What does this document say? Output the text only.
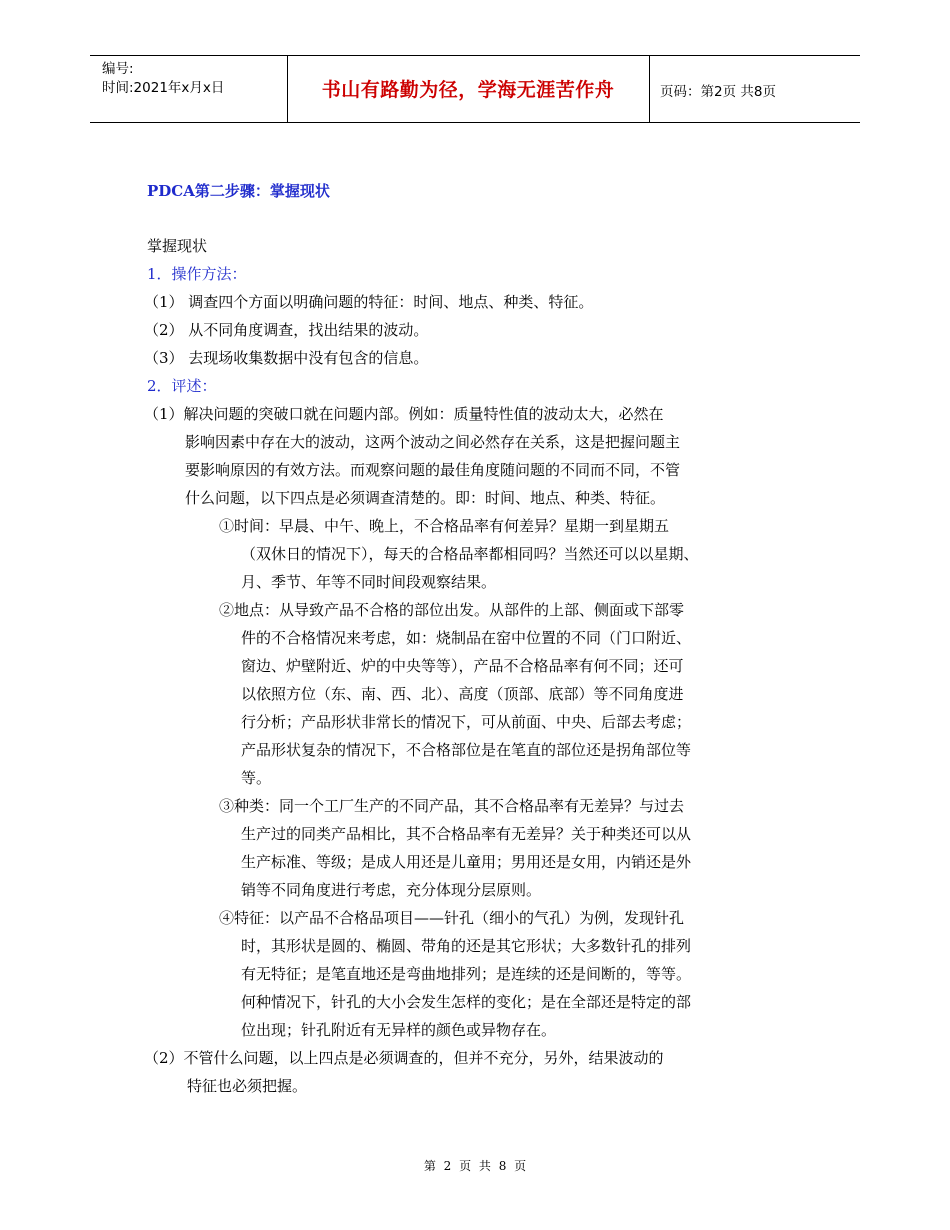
编号:
时间:2021年x月x日	书山有路勤为径，学海无涯苦作舟	页码：第2页 共8页
PDCA第二步骤：掌握现状
掌握现状
1．操作方法：
（1） 调查四个方面以明确问题的特征：时间、地点、种类、特征。
（2） 从不同角度调查，找出结果的波动。
（3） 去现场收集数据中没有包含的信息。
2．评述：
（1）解决问题的突破口就在问题内部。例如：质量特性值的波动太大，必然在
影响因素中存在大的波动，这两个波动之间必然存在关系，这是把握问题主
要影响原因的有效方法。而观察问题的最佳角度随问题的不同而不同，不管
什么问题，以下四点是必须调查清楚的。即：时间、地点、种类、特征。
①时间：早晨、中午、晚上，不合格品率有何差异？星期一到星期五
（双休日的情况下），每天的合格品率都相同吗？当然还可以以星期、
月、季节、年等不同时间段观察结果。
②地点：从导致产品不合格的部位出发。从部件的上部、侧面或下部零
件的不合格情况来考虑，如：烧制品在窑中位置的不同（门口附近、
窗边、炉壁附近、炉的中央等等），产品不合格品率有何不同；还可
以依照方位（东、南、西、北）、高度（顶部、底部）等不同角度进
行分析；产品形状非常长的情况下，可从前面、中央、后部去考虑；
产品形状复杂的情况下，不合格部位是在笔直的部位还是拐角部位等
等。
③种类：同一个工厂生产的不同产品，其不合格品率有无差异？与过去
生产过的同类产品相比，其不合格品率有无差异？关于种类还可以从
生产标准、等级；是成人用还是儿童用；男用还是女用，内销还是外
销等不同角度进行考虑，充分体现分层原则。
④特征：以产品不合格品项目——针孔（细小的气孔）为例，发现针孔
时，其形状是圆的、椭圆、带角的还是其它形状；大多数针孔的排列
有无特征；是笔直地还是弯曲地排列；是连续的还是间断的，等等。
何种情况下，针孔的大小会发生怎样的变化；是在全部还是特定的部
位出现；针孔附近有无异样的颜色或异物存在。
（2）不管什么问题，以上四点是必须调查的，但并不充分，另外，结果波动的
特征也必须把握。
第 2 页 共 8 页
